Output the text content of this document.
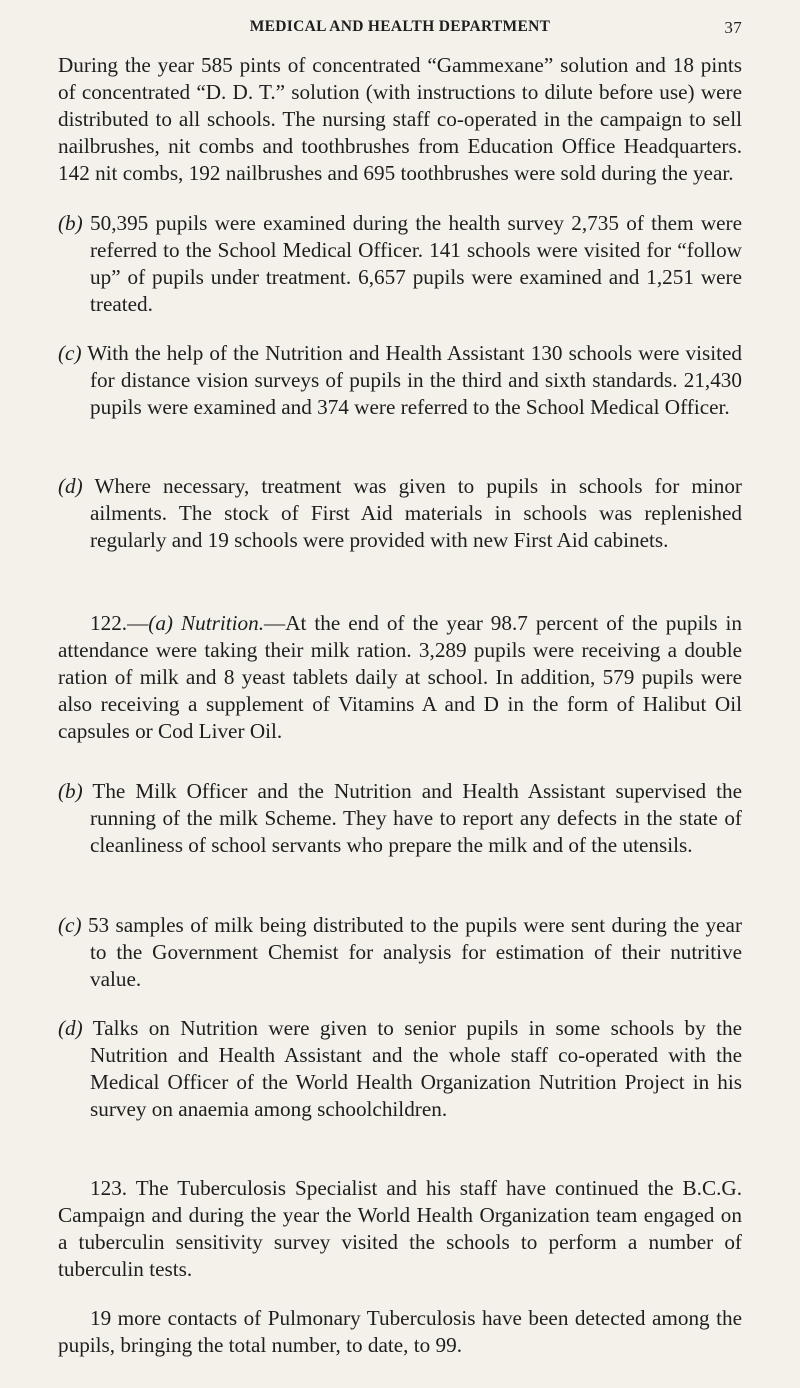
MEDICAL AND HEALTH DEPARTMENT	37

During the year 585 pints of concentrated “Gammexane” solution and 18 pints of concentrated “D. D. T.” solution (with instructions to dilute before use) were distributed to all schools. The nursing staff co-operated in the campaign to sell nailbrushes, nit combs and toothbrushes from Education Office Headquarters. 142 nit combs, 192 nailbrushes and 695 toothbrushes were sold during the year.

(b) 50,395 pupils were examined during the health survey 2,735 of them were referred to the School Medical Officer. 141 schools were visited for “follow up” of pupils under treatment. 6,657 pupils were examined and 1,251 were treated.

(c) With the help of the Nutrition and Health Assistant 130 schools were visited for distance vision surveys of pupils in the third and sixth standards. 21,430 pupils were examined and 374 were referred to the School Medical Officer.

(d) Where necessary, treatment was given to pupils in schools for minor ailments. The stock of First Aid materials in schools was replenished regularly and 19 schools were provided with new First Aid cabinets.

122.—(a) Nutrition.—At the end of the year 98.7 percent of the pupils in attendance were taking their milk ration. 3,289 pupils were receiving a double ration of milk and 8 yeast tablets daily at school. In addition, 579 pupils were also receiving a supplement of Vitamins A and D in the form of Halibut Oil capsules or Cod Liver Oil.

(b) The Milk Officer and the Nutrition and Health Assistant supervised the running of the milk Scheme. They have to report any defects in the state of cleanliness of school servants who prepare the milk and of the utensils.

(c) 53 samples of milk being distributed to the pupils were sent during the year to the Government Chemist for analysis for estimation of their nutritive value.

(d) Talks on Nutrition were given to senior pupils in some schools by the Nutrition and Health Assistant and the whole staff co-operated with the Medical Officer of the World Health Organization Nutrition Project in his survey on anaemia among schoolchildren.

123. The Tuberculosis Specialist and his staff have continued the B.C.G. Campaign and during the year the World Health Organization team engaged on a tuberculin sensitivity survey visited the schools to perform a number of tuberculin tests.

19 more contacts of Pulmonary Tuberculosis have been detected among the pupils, bringing the total number, to date, to 99.
